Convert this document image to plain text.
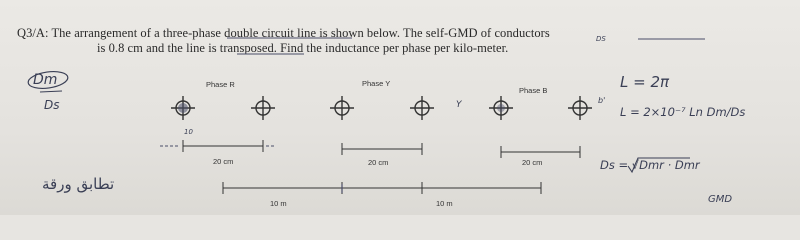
Q3/A: The arrangement of a three-phase double circuit line is shown below. The self-GMD of conductors
is 0.8 cm and the line is transposed. Find the inductance per phase per kilo-meter.
DS
Dm
Ds
10
Y	b'
L = 2π
L = 2×10⁻⁷ Ln Dm/Ds
Ds = √Dmr · Dmr
GMD
تطابق ورقة
Phase R	Phase Y
Phase B
20 cm	20 cm	20 cm
10 m	10 m
